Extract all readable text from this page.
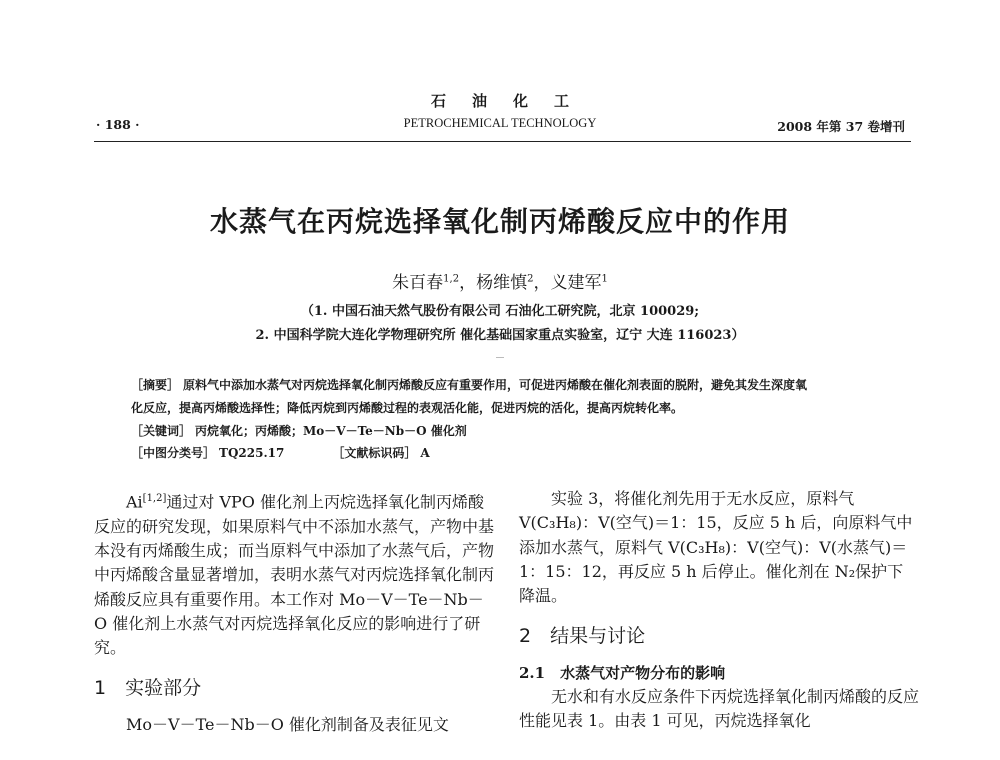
石油化工
PETROCHEMICAL TECHNOLOGY
· 188 ·	2008 年第 37 卷增刊
水蒸气在丙烷选择氧化制丙烯酸反应中的作用
朱百春$^{1,2}$，杨维慎$^2$，义建军$^1$
（1. 中国石油天然气股份有限公司 石油化工研究院，北京 100029;
2. 中国科学院大连化学物理研究所 催化基础国家重点实验室，辽宁 大连 116023）
［摘要］ 原料气中添加水蒸气对丙烷选择氧化制丙烯酸反应有重要作用，可促进丙烯酸在催化剂表面的脱附，避免其发生深度氧
化反应，提高丙烯酸选择性；降低丙烷到丙烯酸过程的表观活化能，促进丙烷的活化，提高丙烷转化率。
［关键词］ 丙烷氧化；丙烯酸；Mo－V－Te－Nb－O 催化剂
［中图分类号］ TQ225.17	［文献标识码］ A

Ai[1,2]通过对 VPO 催化剂上丙烷选择氧化制丙烯酸反应的研究发现，如果原料气中不添加水蒸气，产物中基本没有丙烯酸生成；而当原料气中添加了水蒸气后，产物中丙烯酸含量显著增加，表明水蒸气对丙烷选择氧化制丙烯酸反应具有重要作用。本工作对 Mo－V－Te－Nb－O 催化剂上水蒸气对丙烷选择氧化反应的影响进行了研究。

1　实验部分

Mo－V－Te－Nb－O 催化剂制备及表征见文

实验 3，将催化剂先用于无水反应，原料气 V(C₃H₈)：V(空气)＝1：15，反应 5 h 后，向原料气中添加水蒸气，原料气 V(C₃H₈)：V(空气)：V(水蒸气)＝1：15：12，再反应 5 h 后停止。催化剂在 N₂保护下降温。

2　结果与讨论

2.1　水蒸气对产物分布的影响

无水和有水反应条件下丙烷选择氧化制丙烯酸的反应性能见表 1。由表 1 可见，丙烷选择氧化
